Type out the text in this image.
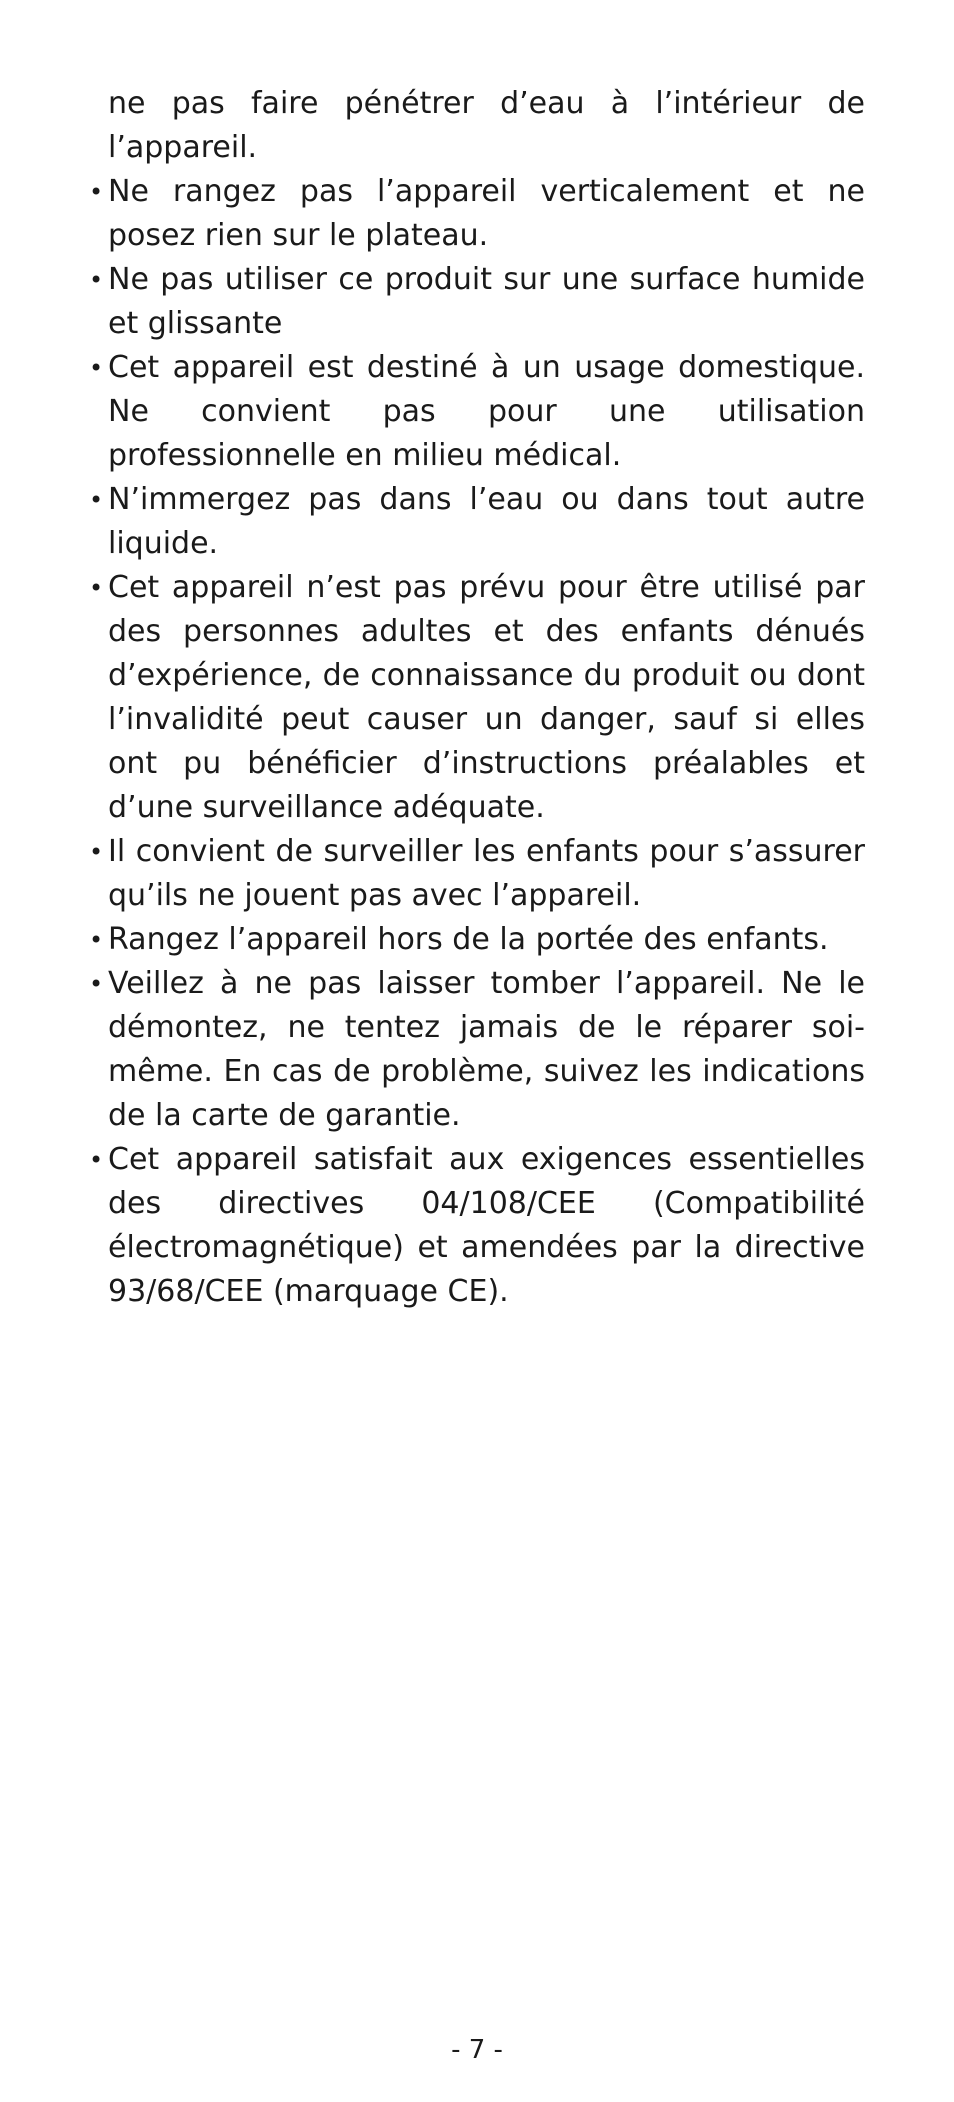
ne pas faire pénétrer d’eau à l’intérieur de l’appareil.

• Ne rangez pas l’appareil verticalement et ne posez rien sur le plateau.
• Ne pas utiliser ce produit sur une surface humide et glissante
• Cet appareil est destiné à un usage domestique. Ne convient pas pour une utilisation professionnelle en milieu médical.
• N’immergez pas dans l’eau ou dans tout autre liquide.
• Cet appareil n’est pas prévu pour être utilisé par des personnes adultes et des enfants dénués d’expérience, de connaissance du produit ou dont l’invalidité peut causer un danger, sauf si elles ont pu bénéficier d’instructions préalables et d’une surveillance adéquate.
• Il convient de surveiller les enfants pour s’assurer qu’ils ne jouent pas avec l’appareil.
• Rangez l’appareil hors de la portée des enfants.
• Veillez à ne pas laisser tomber l’appareil. Ne le démontez, ne tentez jamais de le réparer soi-même. En cas de problème, suivez les indications de la carte de garantie.
• Cet appareil satisfait aux exigences essentielles des directives 04/108/CEE (Compatibilité électromagnétique) et amendées par la directive 93/68/CEE (marquage CE).
- 7 -
